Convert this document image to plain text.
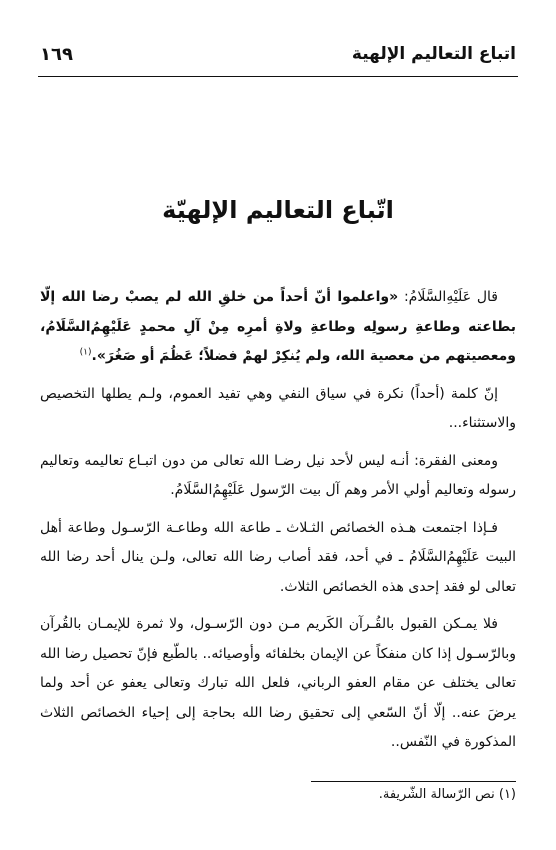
اتباع التعاليم الإلهية
١٦٩
اتّباع التعاليم الإلهيّة

قال عَلَيْهِ‌السَّلَامُ: «واعلموا أنّ أحداً من خلقِ الله لم يصبْ رضا الله إلّا بطاعته وطاعةِ رسولِه وطاعةِ ولاةِ أمرِه مِنْ آلِ محمدٍ عَلَيْهِمُ‌السَّلَامُ، ومعصيتهم من معصية الله، ولم يُنكِرْ لهمْ فضلاً؛ عَظُمَ أو صَغُرَ».$^{(١)}$

إنّ كلمة (أحداً) نكرة في سياق النفي وهي تفيد العموم، ولـم يطلها التخصيص والاستثناء...

ومعنى الفقرة: أنـه ليس لأحد نيل رضـا الله تعالى من دون اتبـاع تعاليمه وتعاليم رسوله وتعاليم أولي الأمر وهم آل بيت الرّسول عَلَيْهِمُ‌السَّلَامُ.

فـإذا اجتمعت هـذه الخصائص الثـلاث ـ طاعة الله وطاعـة الرّسـول وطاعة أهل البيت عَلَيْهِمُ‌السَّلَامُ ـ في أحد، فقد أصاب رضا الله تعالى، ولـن ينال أحد رضا الله تعالى لو فقد إحدى هذه الخصائص الثلاث.

فلا يمـكن القبول بالقُـرآن الكَريم مـن دون الرّسـول، ولا ثمرة للإيمـان بالقُرآن وبالرّسـول إذا كان منفكاً عن الإيمان بخلفائه وأوصيائه.. بالطّبع فإنّ تحصيل رضا الله تعالى يختلف عن مقام العفو الرباني، فلعل الله تبارك وتعالى يعفو عن أحد ولما يرضَ عنه.. إلّا أنّ السّعي إلى تحقيق رضا الله بحاجة إلى إحياء الخصائص الثلاث المذكورة في النّفس..

(١) نص الرّسالة الشّريفة.
